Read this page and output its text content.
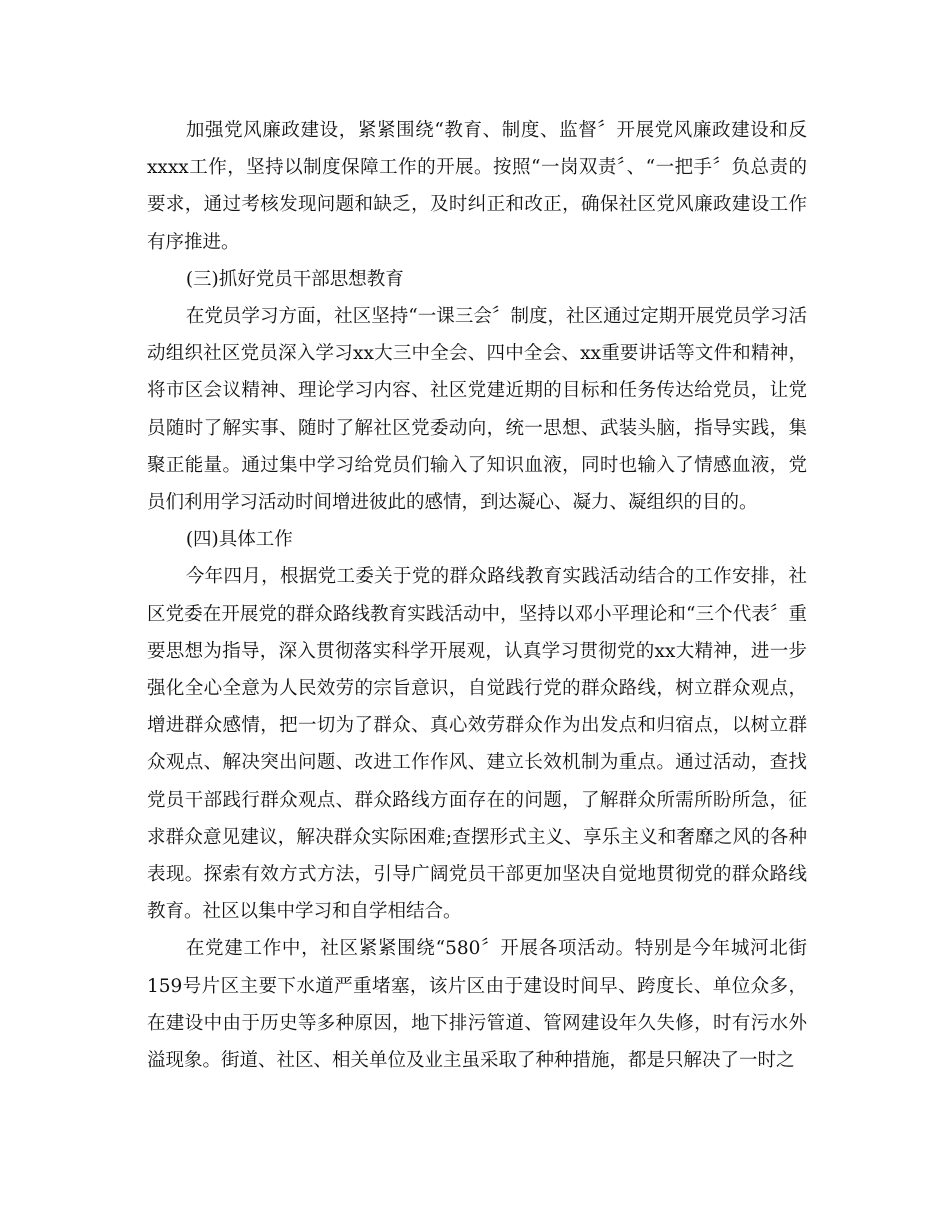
加强党风廉政建设，紧紧围绕“教育、制度、监督〞开展党风廉政建设和反xxxx工作，坚持以制度保障工作的开展。按照“一岗双责〞、“一把手〞负总责的要求，通过考核发现问题和缺乏，及时纠正和改正，确保社区党风廉政建设工作有序推进。

(三)抓好党员干部思想教育

在党员学习方面，社区坚持“一课三会〞制度，社区通过定期开展党员学习活动组织社区党员深入学习xx大三中全会、四中全会、xx重要讲话等文件和精神，将市区会议精神、理论学习内容、社区党建近期的目标和任务传达给党员，让党员随时了解实事、随时了解社区党委动向，统一思想、武装头脑，指导实践，集聚正能量。通过集中学习给党员们输入了知识血液，同时也输入了情感血液，党员们利用学习活动时间增进彼此的感情，到达凝心、凝力、凝组织的目的。

(四)具体工作

今年四月，根据党工委关于党的群众路线教育实践活动结合的工作安排，社区党委在开展党的群众路线教育实践活动中，坚持以邓小平理论和“三个代表〞重要思想为指导，深入贯彻落实科学开展观，认真学习贯彻党的xx大精神，进一步强化全心全意为人民效劳的宗旨意识，自觉践行党的群众路线，树立群众观点，增进群众感情，把一切为了群众、真心效劳群众作为出发点和归宿点，以树立群众观点、解决突出问题、改进工作作风、建立长效机制为重点。通过活动，查找党员干部践行群众观点、群众路线方面存在的问题，了解群众所需所盼所急，征求群众意见建议，解决群众实际困难;查摆形式主义、享乐主义和奢靡之风的各种表现。探索有效方式方法，引导广阔党员干部更加坚决自觉地贯彻党的群众路线教育。社区以集中学习和自学相结合。

在党建工作中，社区紧紧围绕“580〞开展各项活动。特别是今年城河北街159号片区主要下水道严重堵塞，该片区由于建设时间早、跨度长、单位众多，在建设中由于历史等多种原因，地下排污管道、管网建设年久失修，时有污水外溢现象。街道、社区、相关单位及业主虽采取了种种措施，都是只解决了一时之
